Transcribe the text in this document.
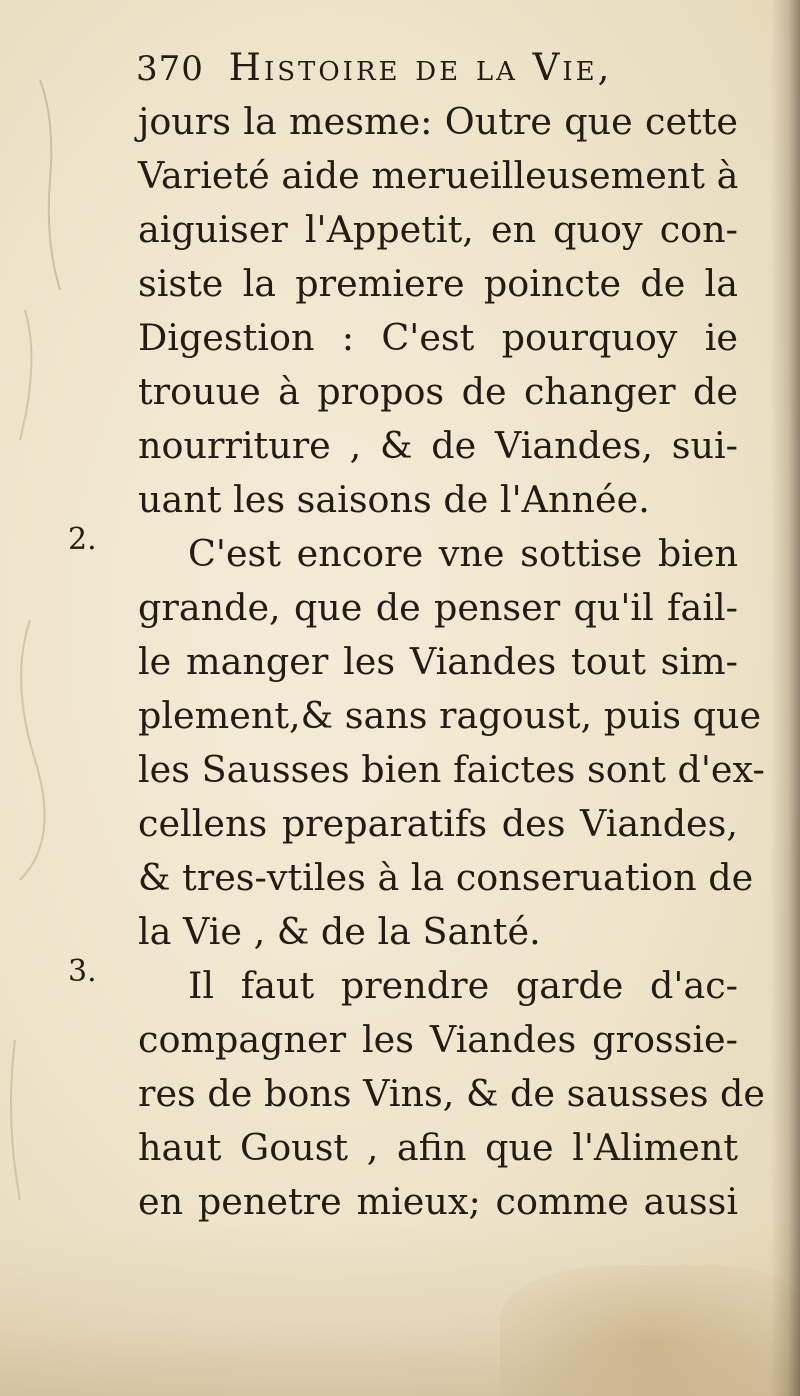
370 Histoire de la Vie,
2.
3.
jours la mesme: Outre que cette
Varieté aide merueilleusement à
aiguiser l'Appetit, en quoy con-
siste la premiere poincte de la
Digestion : C'est pourquoy ie
trouue à propos de changer de
nourriture , & de Viandes, sui-
uant les saisons de l'Année.
C'est encore vne sottise bien
grande, que de penser qu'il fail-
le manger les Viandes tout sim-
plement,& sans ragoust, puis que
les Sausses bien faictes sont d'ex-
cellens preparatifs des Viandes,
& tres-vtiles à la conseruation de
la Vie , & de la Santé.
Il faut prendre garde d'ac-
compagner les Viandes grossie-
res de bons Vins, & de sausses de
haut Goust , afin que l'Aliment
en penetre mieux; comme aussi
